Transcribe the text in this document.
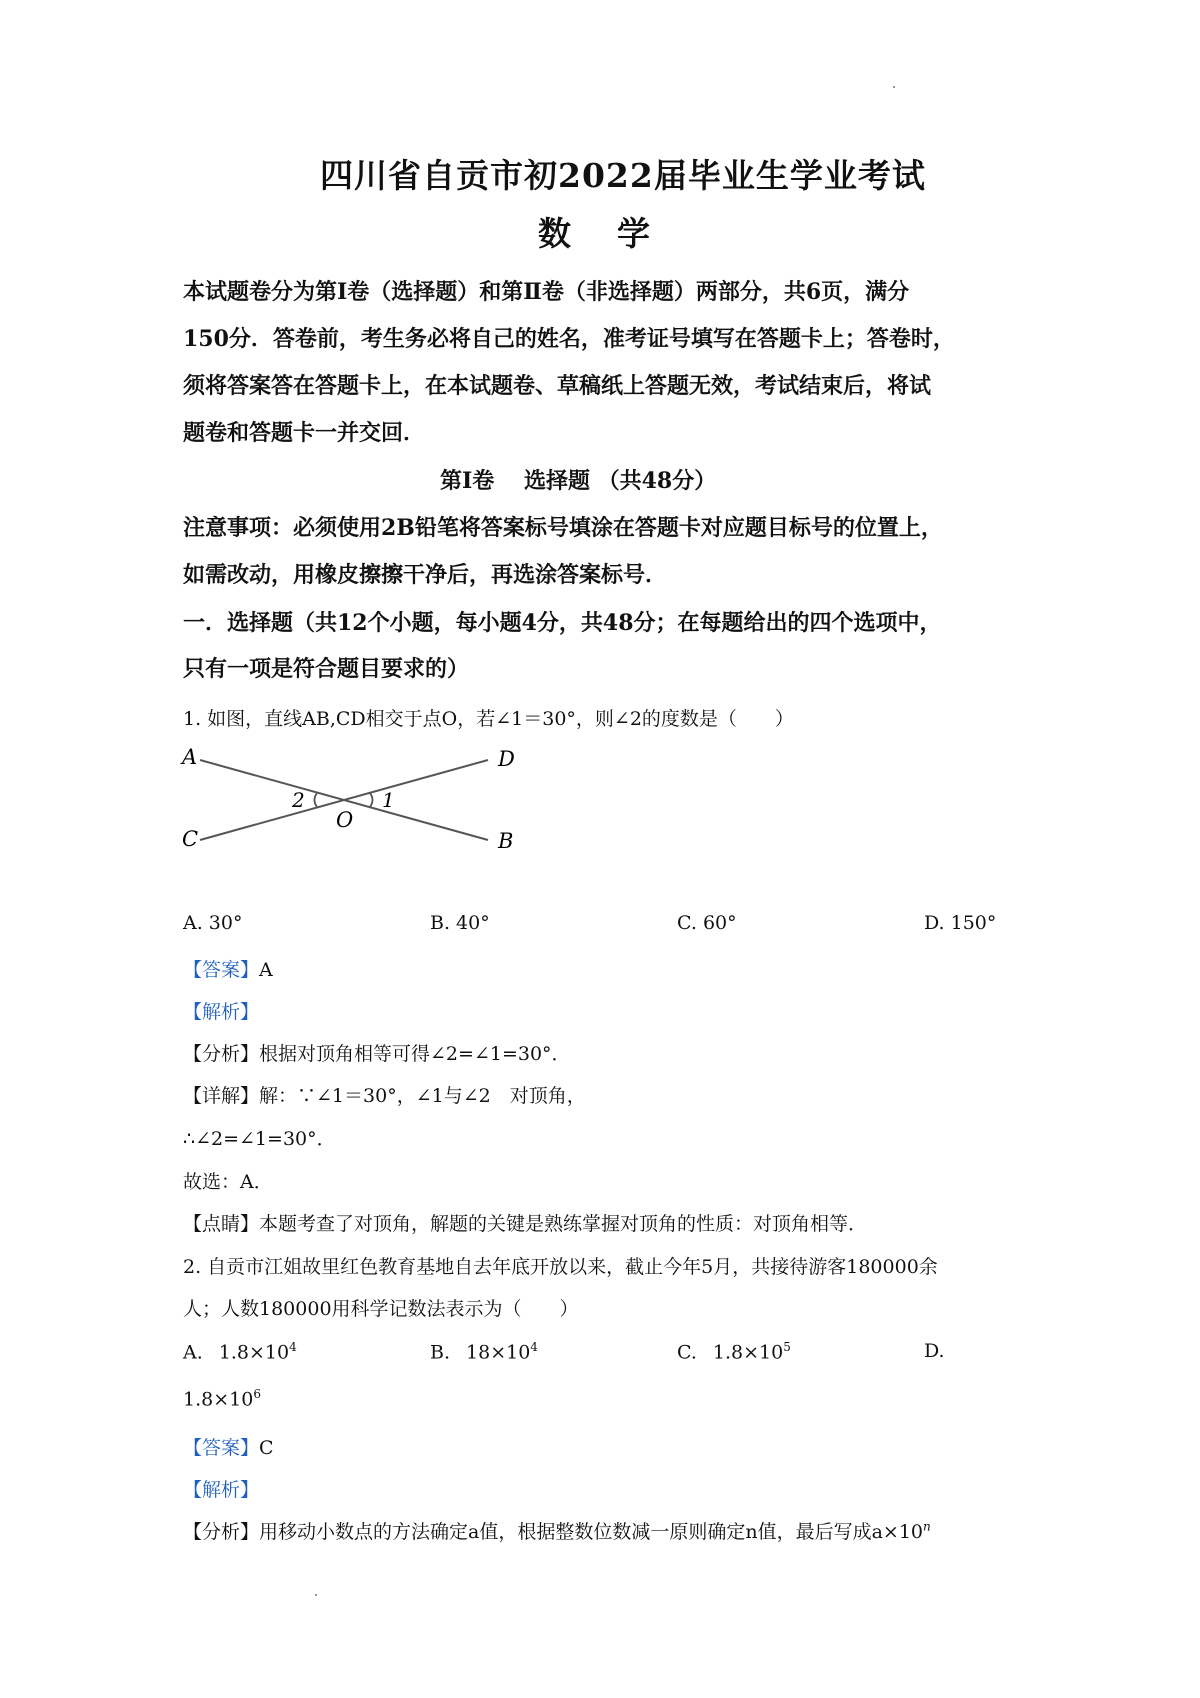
四川省自贡市初2022届毕业生学业考试
数学
本试题卷分为第Ⅰ卷（选择题）和第Ⅱ卷（非选择题）两部分，共6页，满分
150分．答卷前，考生务必将自己的姓名，准考证号填写在答题卡上；答卷时，
须将答案答在答题卡上，在本试题卷、草稿纸上答题无效，考试结束后，将试
题卷和答题卡一并交回．
第Ⅰ卷　 选择题 （共48分）
注意事项：必须使用2B铅笔将答案标号填涂在答题卡对应题目标号的位置上，
如需改动，用橡皮擦擦干净后，再选涂答案标号．
一．选择题（共12个小题，每小题4分，共48分；在每题给出的四个选项中，
只有一项是符合题目要求的）
1. 如图，直线AB,CD相交于点O，若∠1＝30°，则∠2的度数是（　　）
A	D
C	B
O
2	1
A. 30°	B. 40°	C. 60°	D. 150°
【答案】A
【解析】
【分析】根据对顶角相等可得∠2=∠1=30°．
【详解】解：∵∠1＝30°，∠1与∠2　对顶角，
∴∠2=∠1=30°．
故选：A．
【点睛】本题考查了对顶角，解题的关键是熟练掌握对顶角的性质：对顶角相等．
2. 自贡市江姐故里红色教育基地自去年底开放以来，截止今年5月，共接待游客180000余
人；人数180000用科学记数法表示为（　　）
A. $1.8\times 10^4$	B. $18\times 10^4$	C. $1.8\times 10^5$	D.
$1.8\times 10^6$
【答案】C
【解析】
【分析】用移动小数点的方法确定a值，根据整数位数减一原则确定n值，最后写成$a\times 10^n$
